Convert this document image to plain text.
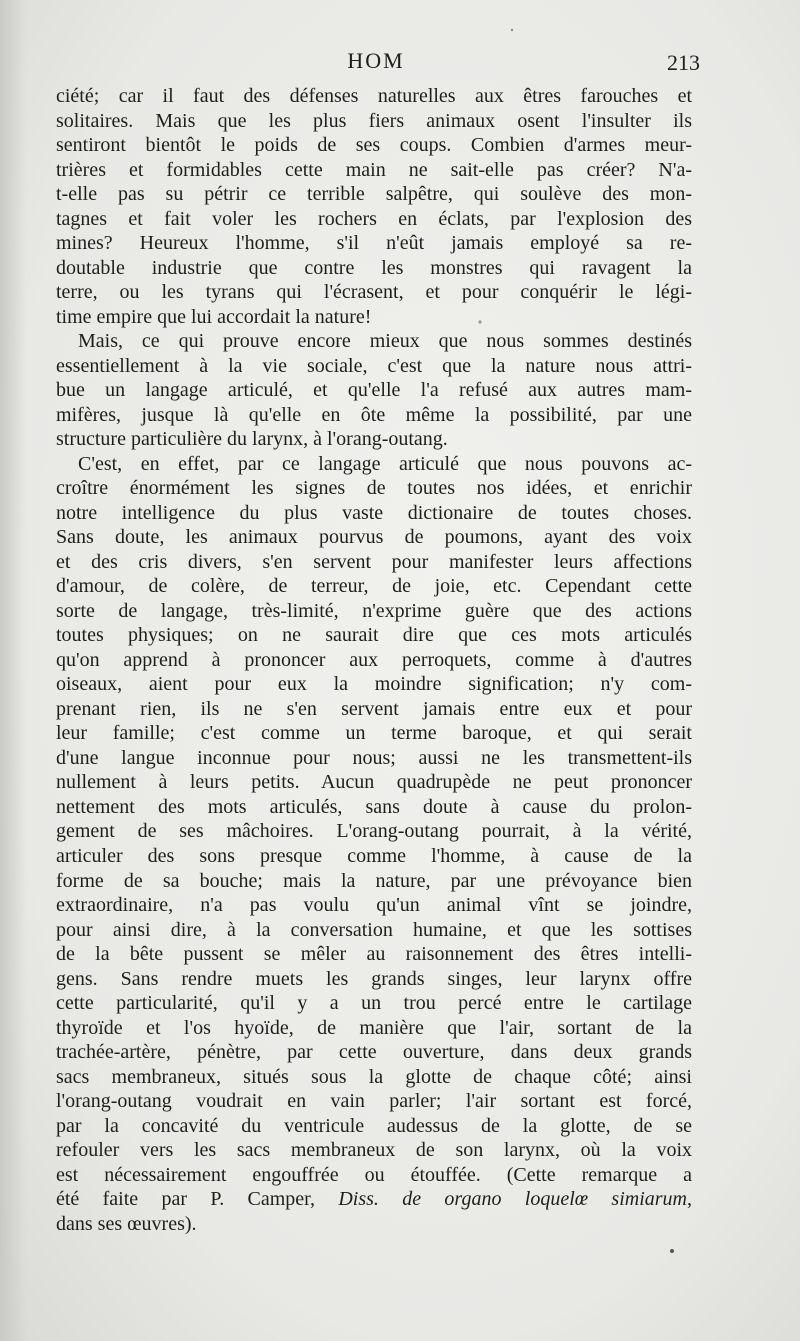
HOM	213
ciété; car il faut des défenses naturelles aux êtres farouches et
solitaires. Mais que les plus fiers animaux osent l'insulter ils
sentiront bientôt le poids de ses coups. Combien d'armes meur-
trières et formidables cette main ne sait-elle pas créer? N'a-
t-elle pas su pétrir ce terrible salpêtre, qui soulève des mon-
tagnes et fait voler les rochers en éclats, par l'explosion des
mines? Heureux l'homme, s'il n'eût jamais employé sa re-
doutable industrie que contre les monstres qui ravagent la
terre, ou les tyrans qui l'écrasent, et pour conquérir le légi-
time empire que lui accordait la nature!
Mais, ce qui prouve encore mieux que nous sommes destinés
essentiellement à la vie sociale, c'est que la nature nous attri-
bue un langage articulé, et qu'elle l'a refusé aux autres mam-
mifères, jusque là qu'elle en ôte même la possibilité, par une
structure particulière du larynx, à l'orang-outang.
C'est, en effet, par ce langage articulé que nous pouvons ac-
croître énormément les signes de toutes nos idées, et enrichir
notre intelligence du plus vaste dictionaire de toutes choses.
Sans doute, les animaux pourvus de poumons, ayant des voix
et des cris divers, s'en servent pour manifester leurs affections
d'amour, de colère, de terreur, de joie, etc. Cependant cette
sorte de langage, très-limité, n'exprime guère que des actions
toutes physiques; on ne saurait dire que ces mots articulés
qu'on apprend à prononcer aux perroquets, comme à d'autres
oiseaux, aient pour eux la moindre signification; n'y com-
prenant rien, ils ne s'en servent jamais entre eux et pour
leur famille; c'est comme un terme baroque, et qui serait
d'une langue inconnue pour nous; aussi ne les transmettent-ils
nullement à leurs petits. Aucun quadrupède ne peut prononcer
nettement des mots articulés, sans doute à cause du prolon-
gement de ses mâchoires. L'orang-outang pourrait, à la vérité,
articuler des sons presque comme l'homme, à cause de la
forme de sa bouche; mais la nature, par une prévoyance bien
extraordinaire, n'a pas voulu qu'un animal vînt se joindre,
pour ainsi dire, à la conversation humaine, et que les sottises
de la bête pussent se mêler au raisonnement des êtres intelli-
gens. Sans rendre muets les grands singes, leur larynx offre
cette particularité, qu'il y a un trou percé entre le cartilage
thyroïde et l'os hyoïde, de manière que l'air, sortant de la
trachée-artère, pénètre, par cette ouverture, dans deux grands
sacs membraneux, situés sous la glotte de chaque côté; ainsi
l'orang-outang voudrait en vain parler; l'air sortant est forcé,
par la concavité du ventricule audessus de la glotte, de se
refouler vers les sacs membraneux de son larynx, où la voix
est nécessairement engouffrée ou étouffée. (Cette remarque a
été faite par P. Camper, Diss. de organo loquelœ simiarum,
dans ses œuvres).
